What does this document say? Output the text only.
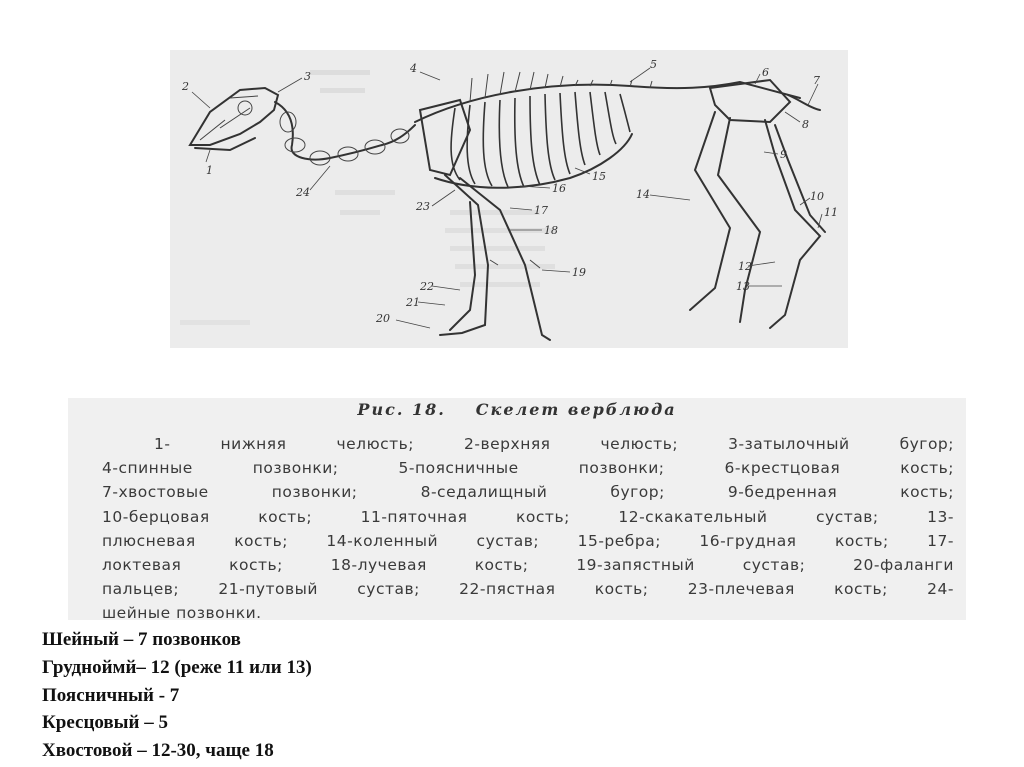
1
2
3
4	5
6
7
8
9
10
11
12
13
14
15
16
17
18
19
20
21
22
23
24
Рис. 18. Скелет верблюда
1- нижняя челюсть; 2-верхняя челюсть; 3-затылочный бугор;
4-спинные позвонки; 5-поясничные позвонки; 6-крестцовая кость;
7-хвостовые позвонки; 8-седалищный бугор; 9-бедренная кость;
10-берцовая кость; 11-пяточная кость; 12-скакательный сустав; 13-
плюсневая кость; 14-коленный сустав; 15-ребра; 16-грудная кость; 17-
локтевая кость; 18-лучевая кость; 19-запястный сустав; 20-фаланги
пальцев; 21-путовый сустав; 22-пястная кость; 23-плечевая кость; 24-
шейные позвонки.
Шейный – 7 позвонков
Грудноймй– 12 (реже 11 или 13)
Поясничный - 7
Кресцовый – 5
Хвостовой – 12-30, чаще 18
